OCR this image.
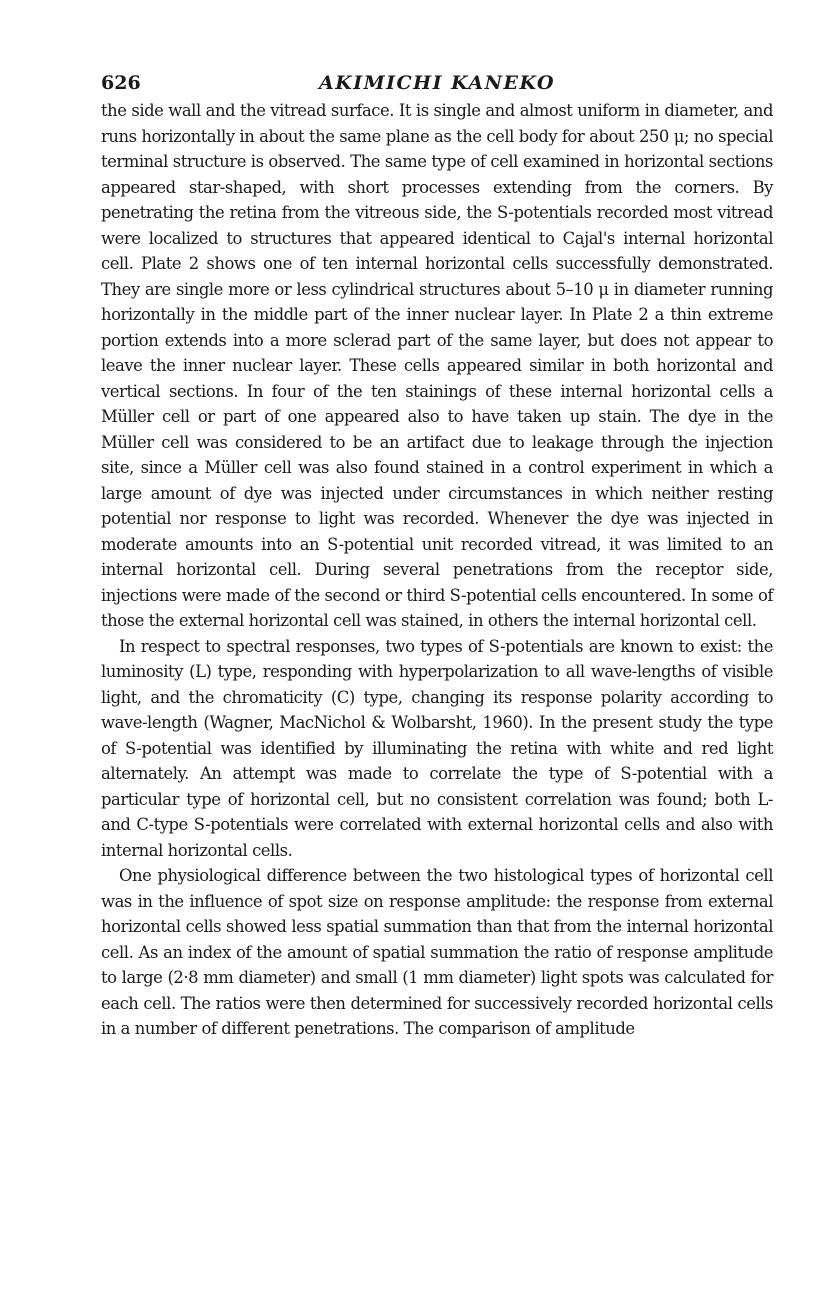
626	AKIMICHI KANEKO

the side wall and the vitread surface. It is single and almost uniform in diameter, and runs horizontally in about the same plane as the cell body for about 250 μ; no special terminal structure is observed. The same type of cell examined in horizontal sections appeared star-shaped, with short processes extending from the corners. By penetrating the retina from the vitreous side, the S-potentials recorded most vitread were localized to structures that appeared identical to Cajal's internal horizontal cell. Plate 2 shows one of ten internal horizontal cells successfully demonstrated. They are single more or less cylindrical structures about 5–10 μ in diameter running horizontally in the middle part of the inner nuclear layer. In Plate 2 a thin extreme portion extends into a more sclerad part of the same layer, but does not appear to leave the inner nuclear layer. These cells appeared similar in both horizontal and vertical sections. In four of the ten stainings of these internal horizontal cells a Müller cell or part of one appeared also to have taken up stain. The dye in the Müller cell was considered to be an artifact due to leakage through the injection site, since a Müller cell was also found stained in a control experiment in which a large amount of dye was injected under circumstances in which neither resting potential nor response to light was recorded. Whenever the dye was injected in moderate amounts into an S-potential unit recorded vitread, it was limited to an internal horizontal cell. During several penetrations from the receptor side, injections were made of the second or third S-potential cells encountered. In some of those the external horizontal cell was stained, in others the internal horizontal cell.

In respect to spectral responses, two types of S-potentials are known to exist: the luminosity (L) type, responding with hyperpolarization to all wave-lengths of visible light, and the chromaticity (C) type, changing its response polarity according to wave-length (Wagner, MacNichol & Wolbarsht, 1960). In the present study the type of S-potential was identified by illuminating the retina with white and red light alternately. An attempt was made to correlate the type of S-potential with a particular type of horizontal cell, but no consistent correlation was found; both L- and C-type S-potentials were correlated with external horizontal cells and also with internal horizontal cells.

One physiological difference between the two histological types of horizontal cell was in the influence of spot size on response amplitude: the response from external horizontal cells showed less spatial summation than that from the internal horizontal cell. As an index of the amount of spatial summation the ratio of response amplitude to large (2·8 mm diameter) and small (1 mm diameter) light spots was calculated for each cell. The ratios were then determined for successively recorded horizontal cells in a number of different penetrations. The comparison of amplitude
